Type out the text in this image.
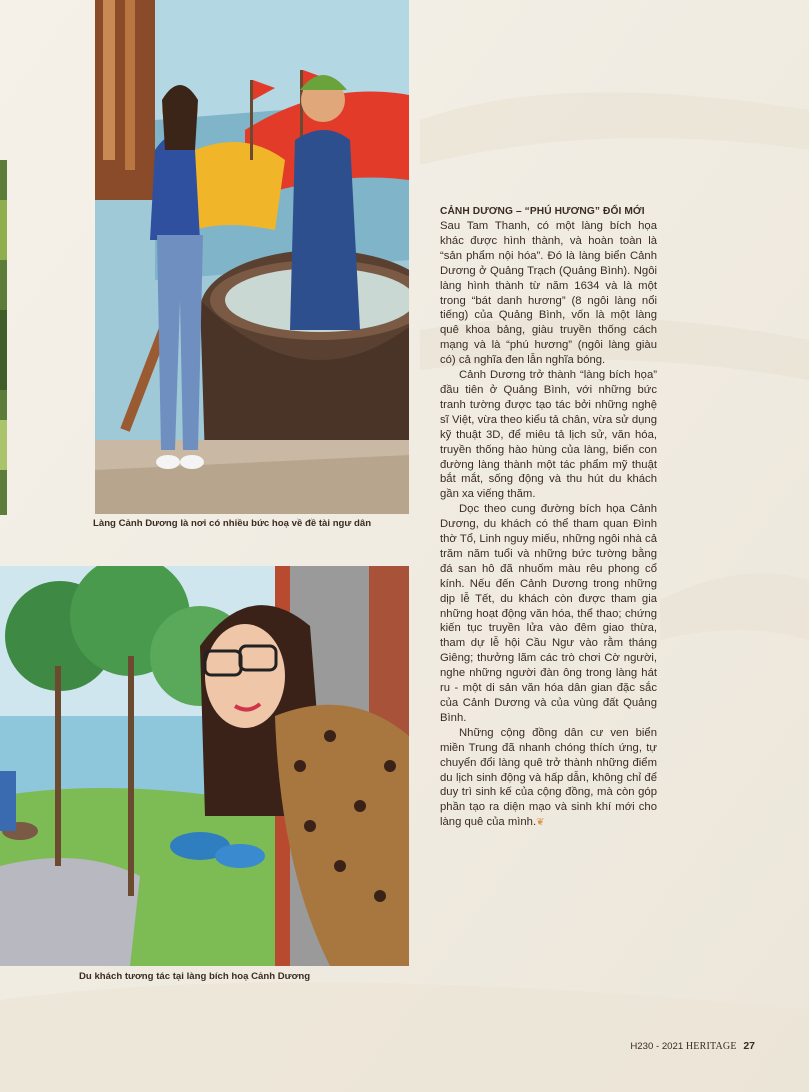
Làng Cảnh Dương là nơi có nhiều bức hoạ về đề tài ngư dân

Du khách tương tác tại làng bích hoạ Cảnh Dương

CẢNH DƯƠNG – “PHÚ HƯƠNG” ĐỔI MỚI

Sau Tam Thanh, có một làng bích họa khác được hình thành, và hoàn toàn là “sản phẩm nội hóa”. Đó là làng biển Cảnh Dương ở Quảng Trạch (Quảng Bình). Ngôi làng hình thành từ năm 1634 và là một trong “bát danh hương” (8 ngôi làng nổi tiếng) của Quảng Bình, vốn là một làng quê khoa bảng, giàu truyền thống cách mạng và là “phú hương” (ngôi làng giàu có) cả nghĩa đen lẫn nghĩa bóng.

Cảnh Dương trở thành “làng bích họa” đầu tiên ở Quảng Bình, với những bức tranh tường được tạo tác bởi những nghệ sĩ Việt, vừa theo kiểu tả chân, vừa sử dụng kỹ thuật 3D, để miêu tả lịch sử, văn hóa, truyền thống hào hùng của làng, biến con đường làng thành một tác phẩm mỹ thuật bắt mắt, sống động và thu hút du khách gần xa viếng thăm.

Dọc theo cung đường bích họa Cảnh Dương, du khách có thể tham quan Đình thờ Tổ, Linh nguy miếu, những ngôi nhà cả trăm năm tuổi và những bức tường bằng đá san hô đã nhuốm màu rêu phong cổ kính. Nếu đến Cảnh Dương trong những dịp lễ Tết, du khách còn được tham gia những hoạt động văn hóa, thể thao; chứng kiến tục truyền lửa vào đêm giao thừa, tham dự lễ hội Cầu Ngư vào rằm tháng Giêng; thưởng lãm các trò chơi Cờ người, nghe những người đàn ông trong làng hát ru - một di sản văn hóa dân gian đặc sắc của Cảnh Dương và của vùng đất Quảng Bình.

Những cộng đồng dân cư ven biển miền Trung đã nhanh chóng thích ứng, tự chuyển đổi làng quê trở thành những điểm du lịch sinh động và hấp dẫn, không chỉ để duy trì sinh kế của cộng đồng, mà còn góp phần tạo ra diện mạo và sinh khí mới cho làng quê của mình.❦

H230 - 2021 HERITAGE 27
